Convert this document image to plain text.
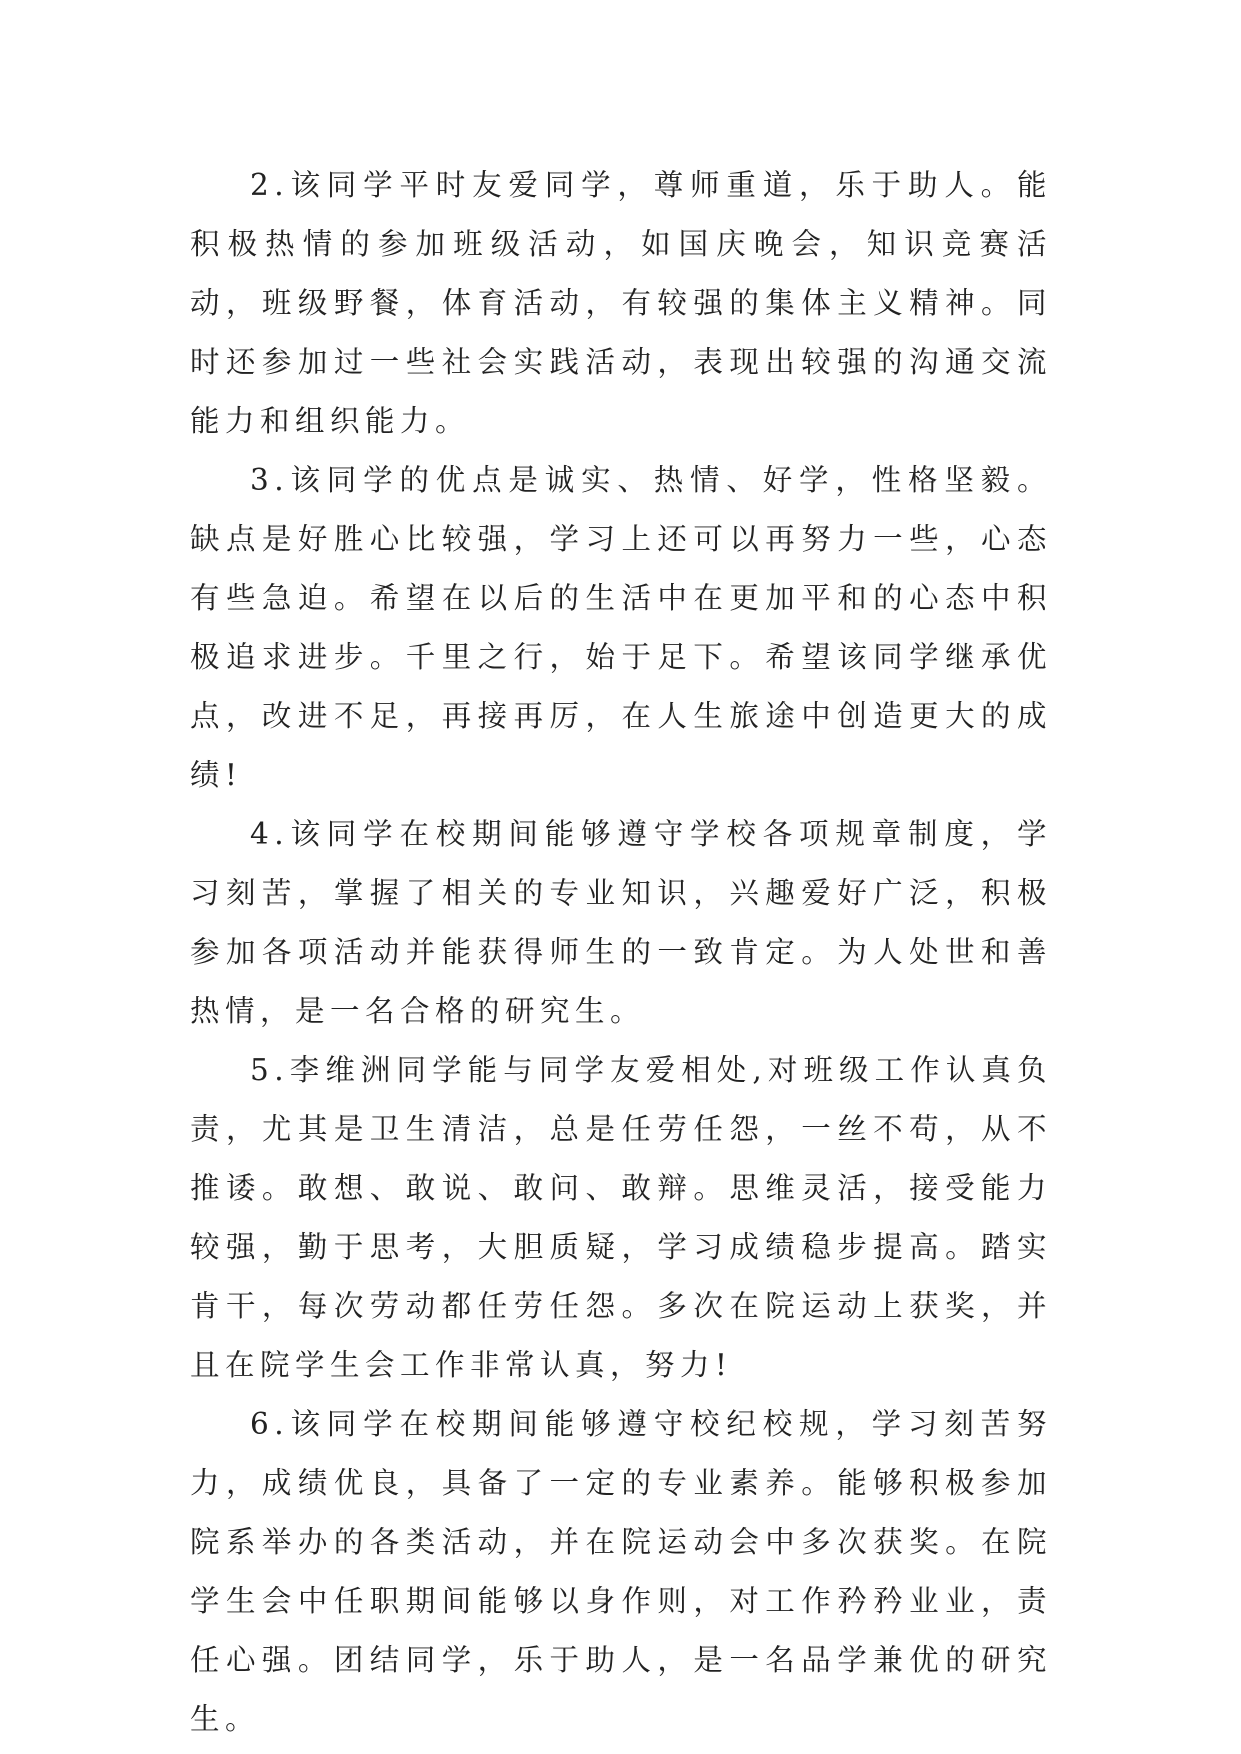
2.该同学平时友爱同学，尊师重道，乐于助人。能积极热情的参加班级活动，如国庆晚会，知识竞赛活动，班级野餐，体育活动，有较强的集体主义精神。同时还参加过一些社会实践活动，表现出较强的沟通交流能力和组织能力。

3.该同学的优点是诚实、热情、好学，性格坚毅。缺点是好胜心比较强，学习上还可以再努力一些，心态有些急迫。希望在以后的生活中在更加平和的心态中积极追求进步。千里之行，始于足下。希望该同学继承优点，改进不足，再接再厉，在人生旅途中创造更大的成绩!

4.该同学在校期间能够遵守学校各项规章制度，学习刻苦，掌握了相关的专业知识，兴趣爱好广泛，积极参加各项活动并能获得师生的一致肯定。为人处世和善热情，是一名合格的研究生。

5.李维洲同学能与同学友爱相处,对班级工作认真负责，尤其是卫生清洁，总是任劳任怨，一丝不苟，从不推诿。敢想、敢说、敢问、敢辩。思维灵活，接受能力较强，勤于思考，大胆质疑，学习成绩稳步提高。踏实肯干，每次劳动都任劳任怨。多次在院运动上获奖，并且在院学生会工作非常认真，努力!

6.该同学在校期间能够遵守校纪校规，学习刻苦努力，成绩优良，具备了一定的专业素养。能够积极参加院系举办的各类活动，并在院运动会中多次获奖。在院学生会中任职期间能够以身作则，对工作矜矜业业，责任心强。团结同学，乐于助人，是一名品学兼优的研究生。
